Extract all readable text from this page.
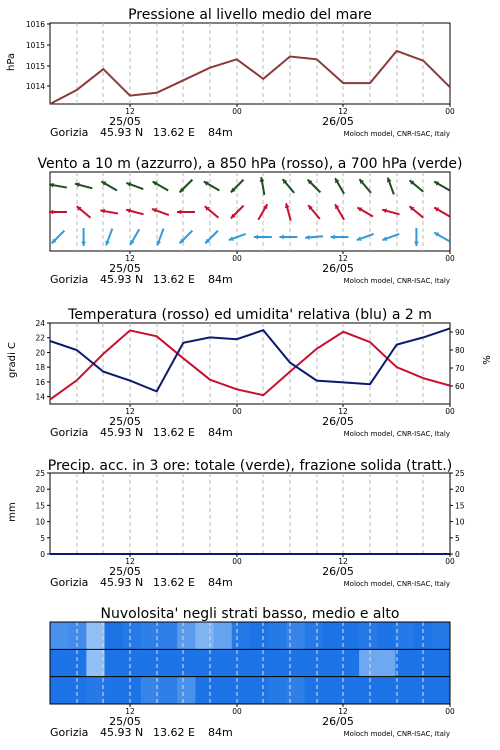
Pressione al livello medio del mare
hPa
1016
1015
1015
1014
12	00	12	00
25/05	26/05
Gorizia 45.93 N 13.62 E 84m	Moloch model, CNR-ISAC, Italy
Vento a 10 m (azzurro), a 850 hPa (rosso), a 700 hPa (verde)
12	00	12	00
25/05	26/05
Gorizia 45.93 N 13.62 E 84m	Moloch model, CNR-ISAC, Italy
Temperatura (rosso) ed umidita' relativa (blu) a 2 m
gradi C	%
24
22
20
18
16
14
90
80
70
60
12	00	12	00
25/05	26/05
Gorizia 45.93 N 13.62 E 84m	Moloch model, CNR-ISAC, Italy
Precip. acc. in 3 ore: totale (verde), frazione solida (tratt.)
mm
25	25
20	20
15	15
10	10
5	5
0	0
12	00	12	00
25/05	26/05
Gorizia 45.93 N 13.62 E 84m	Moloch model, CNR-ISAC, Italy
Nuvolosita' negli strati basso, medio e alto
12	00	12	00
25/05	26/05
Gorizia 45.93 N 13.62 E 84m	Moloch model, CNR-ISAC, Italy
